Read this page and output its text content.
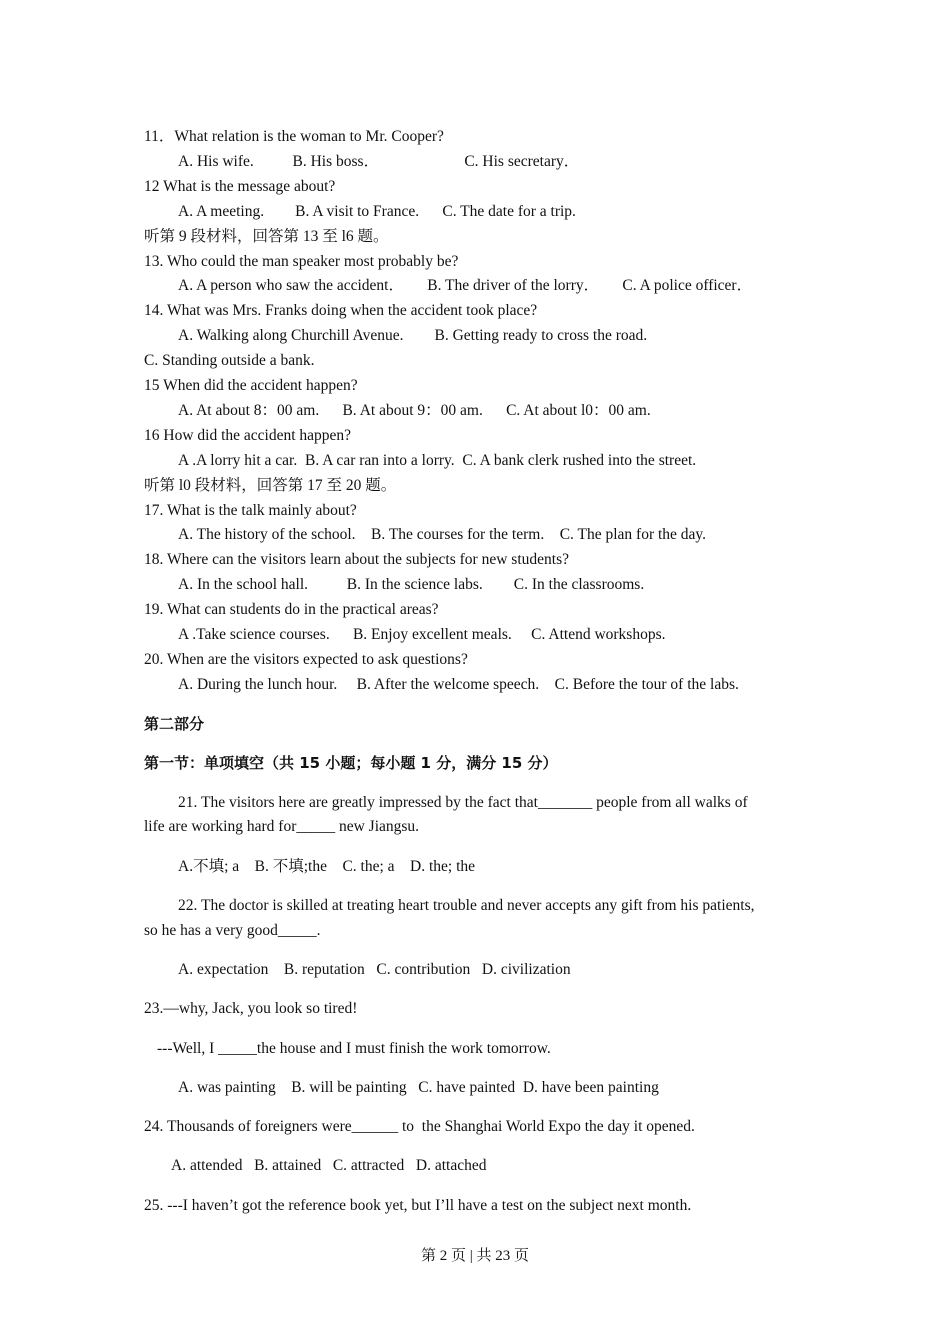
11．What relation is the woman to Mr. Cooper?
A. His wife.          B. His boss．                      C. His secretary．
12 What is the message about?
A. A meeting.        B. A visit to France.      C. The date for a trip.
听第 9 段材料，回答第 13 至 l6 题。
13. Who could the man speaker most probably be?
A. A person who saw the accident．      B. The driver of the lorry．      C. A police officer．
14. What was Mrs. Franks doing when the accident took place?
A. Walking along Churchill Avenue.        B. Getting ready to cross the road.
C. Standing outside a bank.
15 When did the accident happen?
A. At about 8：00 am.      B. At about 9：00 am.      C. At about l0：00 am.
16 How did the accident happen?
A .A lorry hit a car.  B. A car ran into a lorry.  C. A bank clerk rushed into the street.
听第 l0 段材料，回答第 17 至 20 题。
17. What is the talk mainly about?
A. The history of the school.    B. The courses for the term.    C. The plan for the day.
18. Where can the visitors learn about the subjects for new students?
A. In the school hall.          B. In the science labs.        C. In the classrooms.
19. What can students do in the practical areas?
A .Take science courses.      B. Enjoy excellent meals.     C. Attend workshops.
20. When are the visitors expected to ask questions?
A. During the lunch hour.     B. After the welcome speech.    C. Before the tour of the labs.
第二部分
第一节：单项填空（共 15 小题；每小题 1 分，满分 15 分）
21. The visitors here are greatly impressed by the fact that_______ people from all walks of
life are working hard for_____ new Jiangsu.
A.不填; a    B. 不填;the    C. the; a    D. the; the
22. The doctor is skilled at treating heart trouble and never accepts any gift from his patients,
so he has a very good_____.
A. expectation    B. reputation   C. contribution   D. civilization
23.—why, Jack, you look so tired!
---Well, I _____the house and I must finish the work tomorrow.
A. was painting    B. will be painting   C. have painted  D. have been painting
24. Thousands of foreigners were______ to  the Shanghai World Expo the day it opened.
A. attended   B. attained   C. attracted   D. attached
25. ---I haven’t got the reference book yet, but I’ll have a test on the subject next month.
第 2 页 | 共 23 页
